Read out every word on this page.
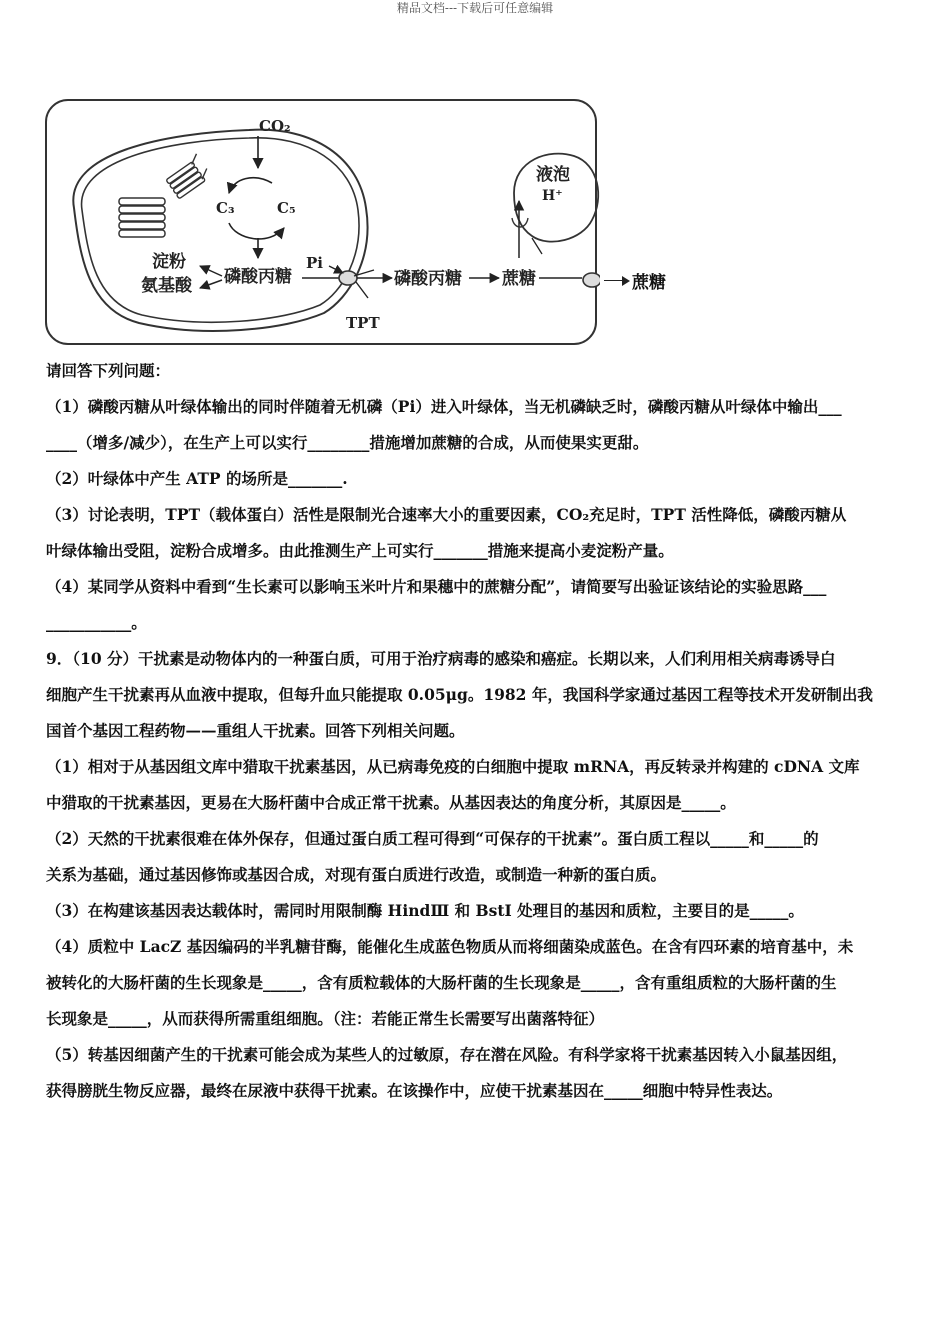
精品文档---下载后可任意编辑
CO₂
C₃	C₅
淀粉
氨基酸 磷酸丙糖
Pi
TPT
磷酸丙糖 蔗糖
液泡
H⁺
蔗糖
请回答下列问题：
（1）磷酸丙糖从叶绿体输出的同时伴随着无机磷（Pi）进入叶绿体，当无机磷缺乏时，磷酸丙糖从叶绿体中输出___
____（增多/减少），在生产上可以实行________措施增加蔗糖的合成，从而使果实更甜。
（2）叶绿体中产生 ATP 的场所是_______.
（3）讨论表明，TPT（载体蛋白）活性是限制光合速率大小的重要因素，CO₂充足时，TPT 活性降低，磷酸丙糖从
叶绿体输出受阻，淀粉合成增多。由此推测生产上可实行_______措施来提高小麦淀粉产量。
（4）某同学从资料中看到“生长素可以影响玉米叶片和果穗中的蔗糖分配”，请简要写出验证该结论的实验思路___
___________。
9．（10 分）干扰素是动物体内的一种蛋白质，可用于治疗病毒的感染和癌症。长期以来，人们利用相关病毒诱导白
细胞产生干扰素再从血液中提取，但每升血只能提取 0.05μg。1982 年，我国科学家通过基因工程等技术开发研制出我
国首个基因工程药物——重组人干扰素。回答下列相关问题。
（1）相对于从基因组文库中猎取干扰素基因，从已病毒免疫的白细胞中提取 mRNA，再反转录并构建的 cDNA 文库
中猎取的干扰素基因，更易在大肠杆菌中合成正常干扰素。从基因表达的角度分析，其原因是_____。
（2）天然的干扰素很难在体外保存，但通过蛋白质工程可得到“可保存的干扰素”。蛋白质工程以_____和_____的
关系为基础，通过基因修饰或基因合成，对现有蛋白质进行改造，或制造一种新的蛋白质。
（3）在构建该基因表达载体时，需同时用限制酶 HindⅢ 和 BstⅠ 处理目的基因和质粒，主要目的是_____。
（4）质粒中 LacZ 基因编码的半乳糖苷酶，能催化生成蓝色物质从而将细菌染成蓝色。在含有四环素的培育基中，未
被转化的大肠杆菌的生长现象是_____，含有质粒载体的大肠杆菌的生长现象是_____，含有重组质粒的大肠杆菌的生
长现象是_____，从而获得所需重组细胞。（注：若能正常生长需要写出菌落特征）
（5）转基因细菌产生的干扰素可能会成为某些人的过敏原，存在潜在风险。有科学家将干扰素基因转入小鼠基因组，
获得膀胱生物反应器，最终在尿液中获得干扰素。在该操作中，应使干扰素基因在_____细胞中特异性表达。
